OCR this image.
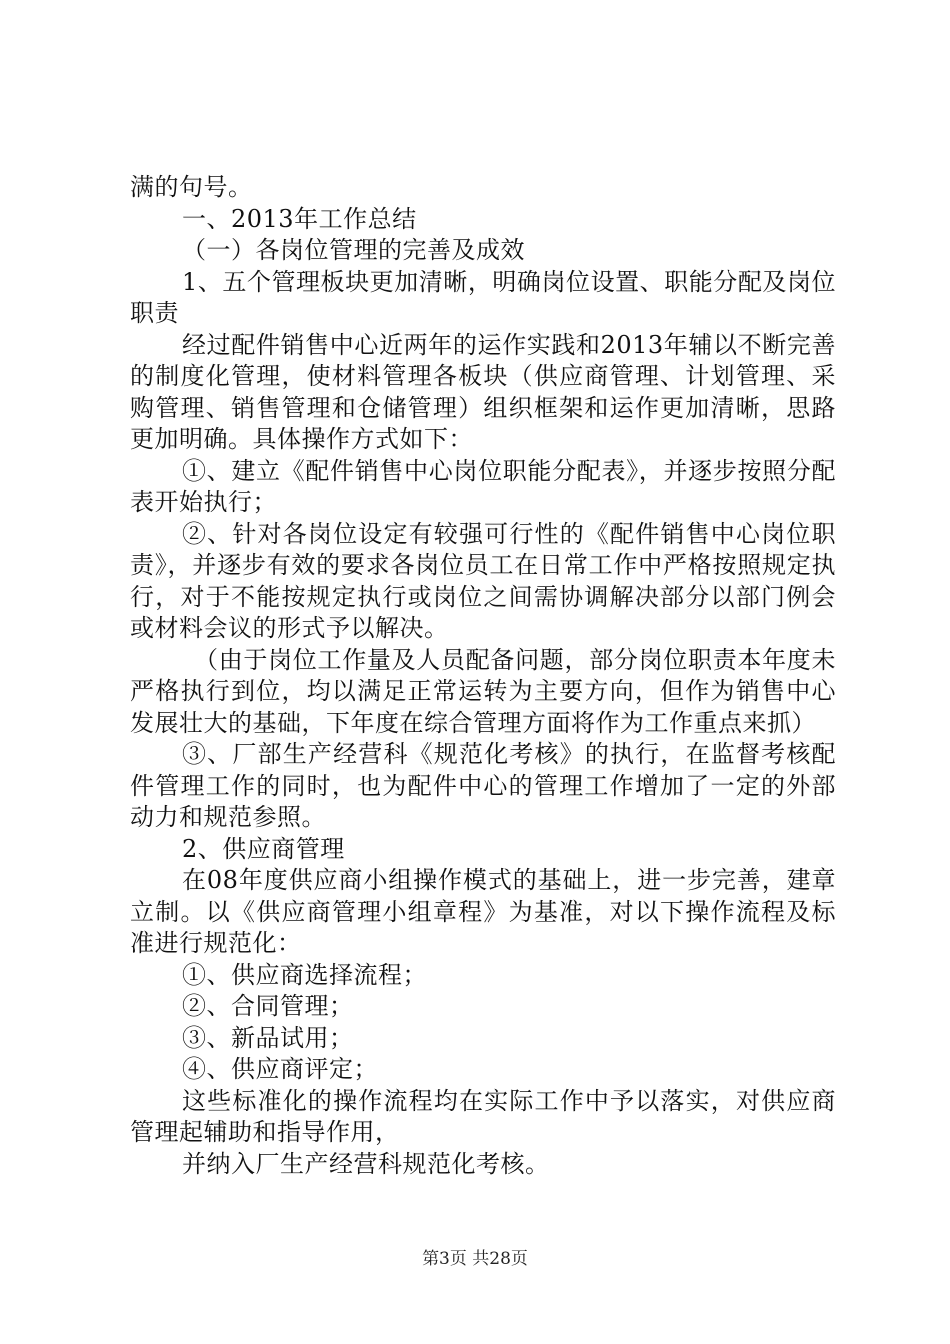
满的句号。

一、2013年工作总结

（一）各岗位管理的完善及成效

1、五个管理板块更加清晰，明确岗位设置、职能分配及岗位职责

经过配件销售中心近两年的运作实践和2013年辅以不断完善的制度化管理，使材料管理各板块（供应商管理、计划管理、采购管理、销售管理和仓储管理）组织框架和运作更加清晰，思路更加明确。具体操作方式如下：

①、建立《配件销售中心岗位职能分配表》，并逐步按照分配表开始执行；

②、针对各岗位设定有较强可行性的《配件销售中心岗位职责》，并逐步有效的要求各岗位员工在日常工作中严格按照规定执行，对于不能按规定执行或岗位之间需协调解决部分以部门例会或材料会议的形式予以解决。

（由于岗位工作量及人员配备问题，部分岗位职责本年度未严格执行到位，均以满足正常运转为主要方向，但作为销售中心发展壮大的基础，下年度在综合管理方面将作为工作重点来抓）

③、厂部生产经营科《规范化考核》的执行，在监督考核配件管理工作的同时，也为配件中心的管理工作增加了一定的外部动力和规范参照。

2、供应商管理

在08年度供应商小组操作模式的基础上，进一步完善，建章立制。以《供应商管理小组章程》为基准，对以下操作流程及标准进行规范化：

①、供应商选择流程；

②、合同管理；

③、新品试用；

④、供应商评定；

这些标准化的操作流程均在实际工作中予以落实，对供应商管理起辅助和指导作用，

并纳入厂生产经营科规范化考核。

第3页 共28页
